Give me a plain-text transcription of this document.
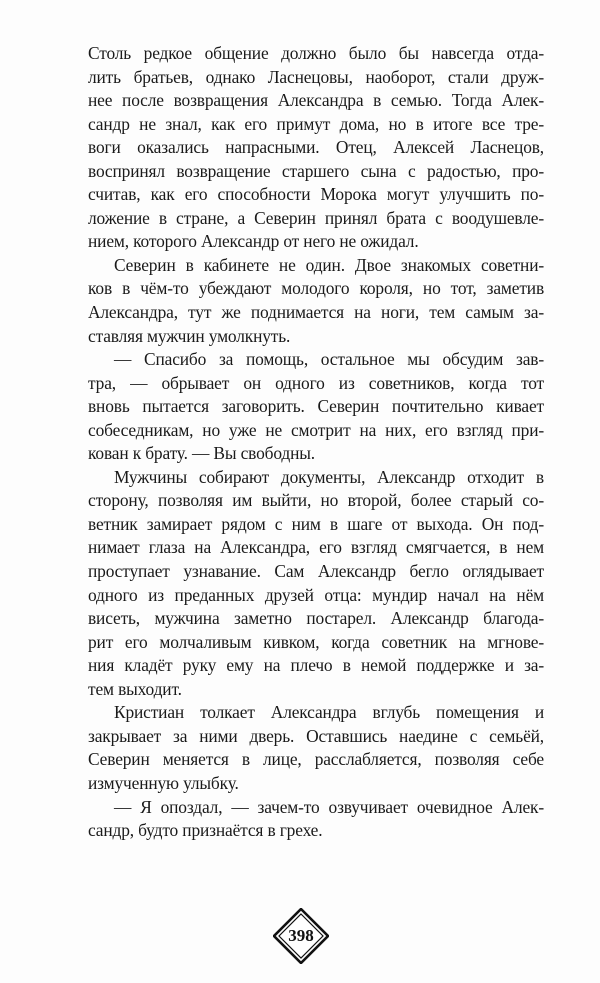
Столь редкое общение должно было бы навсегда отда-
лить братьев, однако Ласнецовы, наоборот, стали друж-
нее после возвращения Александра в семью. Тогда Алек-
сандр не знал, как его примут дома, но в итоге все тре-
воги оказались напрасными. Отец, Алексей Ласнецов,
воспринял возвращение старшего сына с радостью, про-
считав, как его способности Морока могут улучшить по-
ложение в стране, а Северин принял брата с воодушевле-
нием, которого Александр от него не ожидал.
Северин в кабинете не один. Двое знакомых советни-
ков в чём-то убеждают молодого короля, но тот, заметив
Александра, тут же поднимается на ноги, тем самым за-
ставляя мужчин умолкнуть.
— Спасибо за помощь, остальное мы обсудим зав-
тра, — обрывает он одного из советников, когда тот
вновь пытается заговорить. Северин почтительно кивает
собеседникам, но уже не смотрит на них, его взгляд при-
кован к брату. — Вы свободны.
Мужчины собирают документы, Александр отходит в
сторону, позволяя им выйти, но второй, более старый со-
ветник замирает рядом с ним в шаге от выхода. Он под-
нимает глаза на Александра, его взгляд смягчается, в нем
проступает узнавание. Сам Александр бегло оглядывает
одного из преданных друзей отца: мундир начал на нём
висеть, мужчина заметно постарел. Александр благода-
рит его молчаливым кивком, когда советник на мгнове-
ния кладёт руку ему на плечо в немой поддержке и за-
тем выходит.
Кристиан толкает Александра вглубь помещения и
закрывает за ними дверь. Оставшись наедине с семьёй,
Северин меняется в лице, расслабляется, позволяя себе
измученную улыбку.
— Я опоздал, — зачем-то озвучивает очевидное Алек-
сандр, будто признаётся в грехе.
398
